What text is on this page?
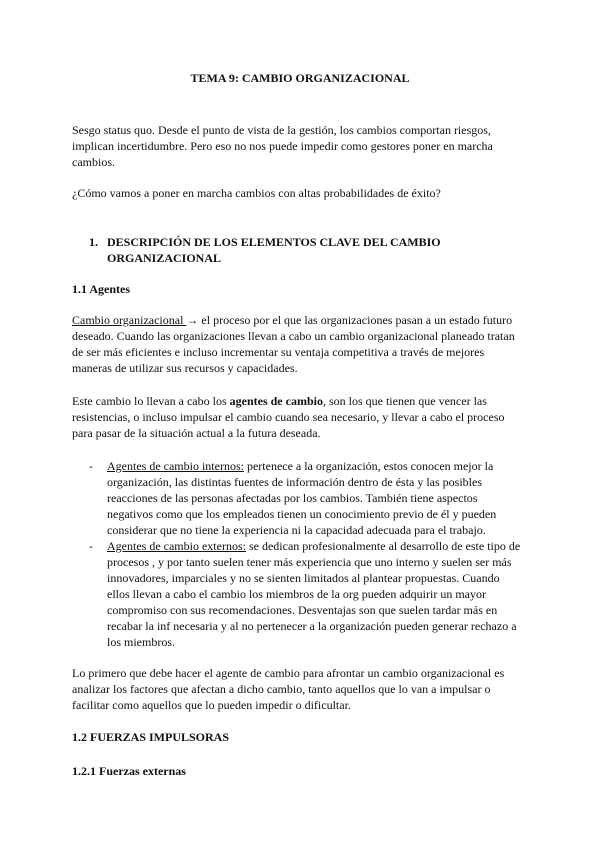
TEMA 9: CAMBIO ORGANIZACIONAL

Sesgo status quo. Desde el punto de vista de la gestión, los cambios comportan riesgos,

implican incertidumbre. Pero eso no nos puede impedir como gestores poner en marcha

cambios.

¿Cómo vamos a poner en marcha cambios con altas probabilidades de éxito?

1. DESCRIPCIÓN DE LOS ELEMENTOS CLAVE DEL CAMBIO

ORGANIZACIONAL

1.1 Agentes

Cambio organizacional → el proceso por el que las organizaciones pasan a un estado futuro

deseado. Cuando las organizaciones llevan a cabo un cambio organizacional planeado tratan

de ser más eficientes e incluso incrementar su ventaja competitiva a través de mejores

maneras de utilizar sus recursos y capacidades.

Este cambio lo llevan a cabo los agentes de cambio, son los que tienen que vencer las

resistencias, o incluso impulsar el cambio cuando sea necesario, y llevar a cabo el proceso

para pasar de la situación actual a la futura deseada.

- Agentes de cambio internos: pertenece a la organización, estos conocen mejor la

organización, las distintas fuentes de información dentro de ésta y las posibles

reacciones de las personas afectadas por los cambios. También tiene aspectos

negativos como que los empleados tienen un conocimiento previo de él y pueden

considerar que no tiene la experiencia ni la capacidad adecuada para el trabajo.

- Agentes de cambio externos: se dedican profesionalmente al desarrollo de este tipo de

procesos , y por tanto suelen tener más experiencia que uno interno y suelen ser más

innovadores, imparciales y no se sienten limitados al plantear propuestas. Cuando

ellos llevan a cabo el cambio los miembros de la org pueden adquirir un mayor

compromiso con sus recomendaciones. Desventajas son que suelen tardar más en

recabar la inf necesaria y al no pertenecer a la organización pueden generar rechazo a

los miembros.

Lo primero que debe hacer el agente de cambio para afrontar un cambio organizacional es

analizar los factores que afectan a dicho cambio, tanto aquellos que lo van a impulsar o

facilitar como aquellos que lo pueden impedir o dificultar.

1.2 FUERZAS IMPULSORAS

1.2.1 Fuerzas externas
